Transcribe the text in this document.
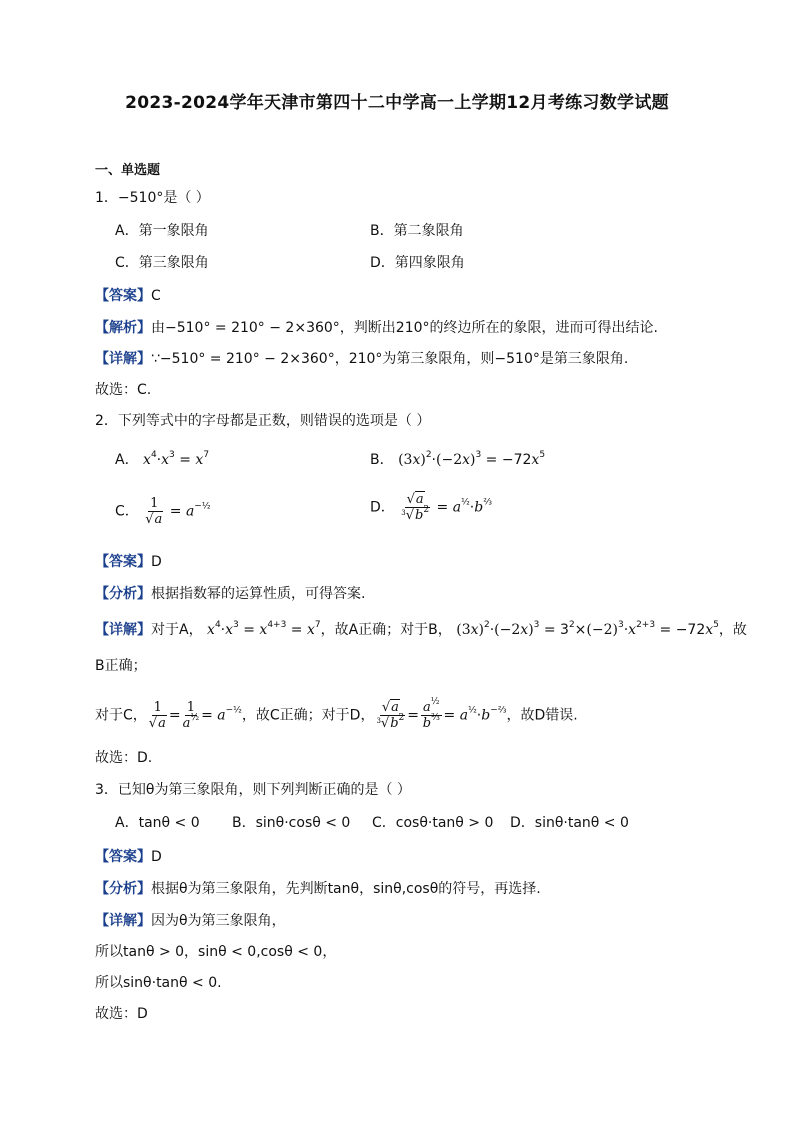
2023-2024学年天津市第四十二中学高一上学期12月考练习数学试题
一、单选题
1．−510°是（ ）
A．第一象限角	B．第二象限角
C．第三象限角	D．第四象限角
【答案】C
【解析】由−510° = 210° − 2×360°，判断出210°的终边所在的象限，进而可得出结论.
【详解】∵−510° = 210° − 2×360°，210°为第三象限角，则−510°是第三象限角.
故选：C.
2．下列等式中的字母都是正数，则错误的选项是（ ）
A． $x^4\cdot x^3 = x^7$	B． $(3x)^2\cdot(-2x)^3 = -72x^5$
C． $\frac{1}{√a} = a^{-\frac{1}{2}}$	D． $\frac{√a}{^3√b^2} = a^{\frac{1}{2}}\cdot b^{\frac{2}{3}}$
【答案】D
【分析】根据指数幂的运算性质，可得答案.
【详解】对于A， $x^4\cdot x^3 = x^{4+3} = x^7$，故A正确；对于B， $(3x)^2\cdot(-2x)^3 = 3^2\times(-2)^3\cdot x^{2+3} = -72x^5$，故
B正确；
对于C， $\frac{1}{√a} = \frac{1}{a^{\frac{1}{2}}} = a^{-\frac{1}{2}}$，故C正确；对于D， $\frac{√a}{^3√b^2} = \frac{a^{\frac{1}{2}}}{b^{\frac{2}{3}}} = a^{\frac{1}{2}}\cdot b^{-\frac{2}{3}}$，故D错误.
故选：D.
3．已知θ为第三象限角，则下列判断正确的是（ ）
A．tanθ < 0 B．sinθ·cosθ < 0 C．cosθ·tanθ > 0 D．sinθ·tanθ < 0
【答案】D
【分析】根据θ为第三象限角，先判断tanθ，sinθ,cosθ的符号，再选择.
【详解】因为θ为第三象限角，
所以tanθ > 0，sinθ < 0,cosθ < 0，
所以sinθ·tanθ < 0.
故选：D
